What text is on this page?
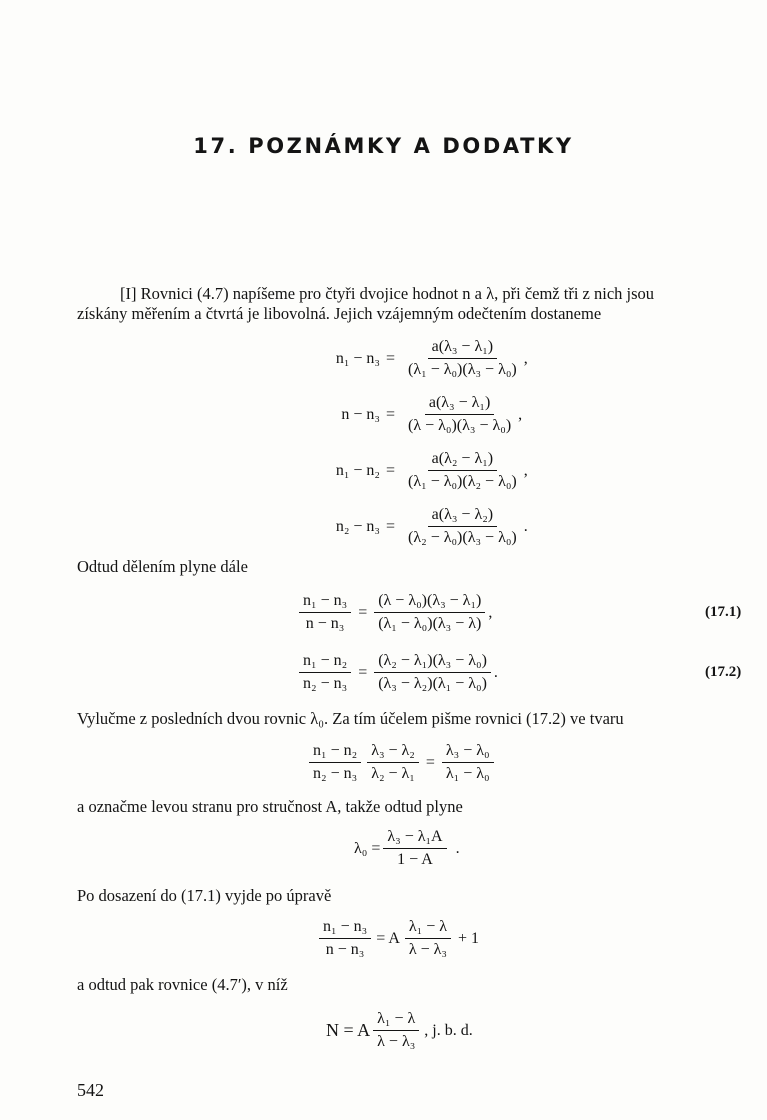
17. POZNÁMKY A DODATKY
[I] Rovnici (4.7) napíšeme pro čtyři dvojice hodnot n a λ, při čemž tři z nich jsou
získány měřením a čtvrtá je libovolná. Jejich vzájemným odečtením dostaneme
$n_1 - n_3 = \frac{\text{a(λ₃ − λ₁)}}{\text{(λ₁ − λ₀)(λ₃ − λ₀)}}$ ,
$n - n_3 = \frac{\text{a(λ₃ − λ₁)}}{\text{(λ − λ₀)(λ₃ − λ₀)}}$ ,
$n_1 - n_2 = \frac{\text{a(λ₂ − λ₁)}}{\text{(λ₁ − λ₀)(λ₂ − λ₀)}}$ ,
$n_2 - n_3 = \frac{\text{a(λ₃ − λ₂)}}{\text{(λ₂ − λ₀)(λ₃ − λ₀)}}$ .
Odtud dělením plyne dále
$\frac{\text{n₁ − n₃}}{\text{n − n₃}} = \frac{\text{(λ − λ₀)(λ₃ − λ₁)}}{\text{(λ₁ − λ₀)(λ₃ − λ)}}$ ,	(17.1)
$\frac{\text{n₁ − n₂}}{\text{n₂ − n₃}} = \frac{\text{(λ₂ − λ₁)(λ₃ − λ₀)}}{\text{(λ₃ − λ₂)(λ₁ − λ₀)}}$ .	(17.2)
Vylučme z posledních dvou rovnic λ₀. Za tím účelem pišme rovnici (17.2) ve tvaru
$\frac{\text{n₁ − n₂}}{\text{n₂ − n₃}} \frac{\text{λ₃ − λ₂}}{\text{λ₂ − λ₁}} = \frac{\text{λ₃ − λ₀}}{\text{λ₁ − λ₀}}$
a označme levou stranu pro stručnost A, takže odtud plyne
$\lambda_0 = \frac{\text{λ₃ − λ₁A}}{1 - A}$ .
Po dosazení do (17.1) vyjde po úpravě
$\frac{\text{n₁ − n₃}}{\text{n − n₃}} = A \frac{\text{λ₁ − λ}}{\text{λ − λ₃}} + 1$
a odtud pak rovnice (4.7′), v níž
N = A $\frac{\text{λ₁ − λ}}{\text{λ − λ₃}}$ , j. b. d.
542
